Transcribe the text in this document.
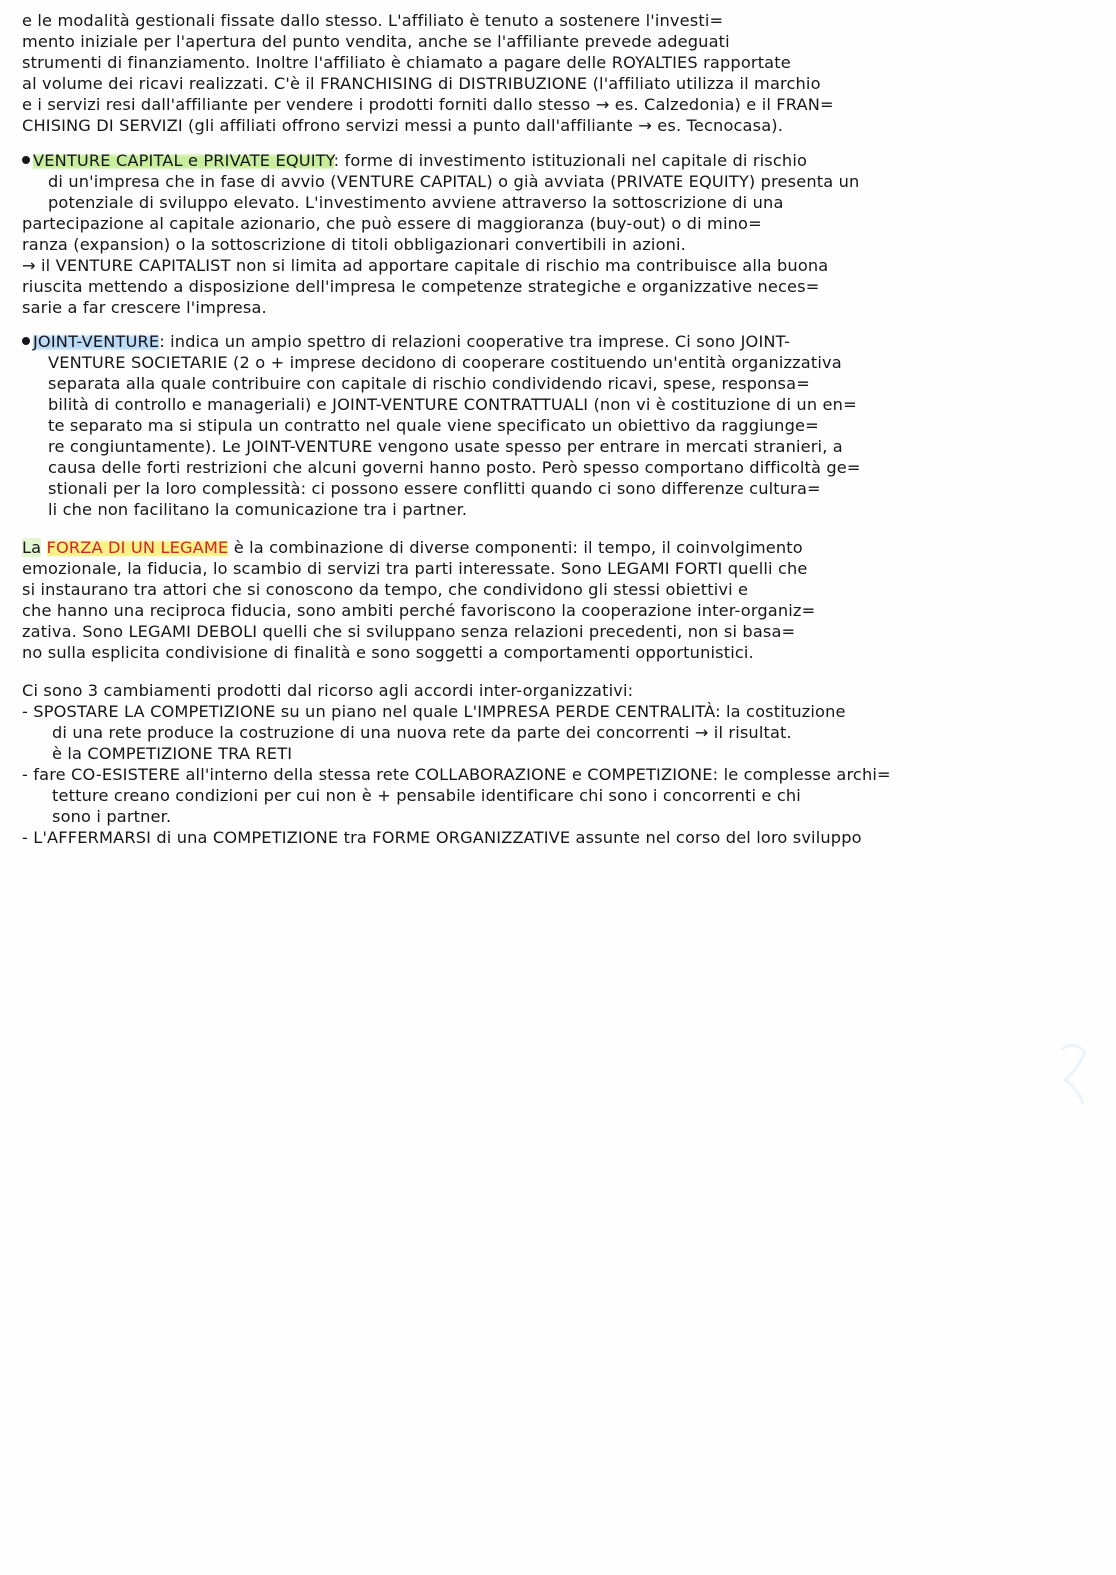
e le modalità gestionali fissate dallo stesso. L'affiliato è tenuto a sostenere l'investi=

mento iniziale per l'apertura del punto vendita, anche se l'affiliante prevede adeguati

strumenti di finanziamento. Inoltre l'affiliato è chiamato a pagare delle ROYALTIES rapportate

al volume dei ricavi realizzati. C'è il FRANCHISING di DISTRIBUZIONE (l'affiliato utilizza il marchio

e i servizi resi dall'affiliante per vendere i prodotti forniti dallo stesso → es. Calzedonia) e il FRAN=

CHISING DI SERVIZI (gli affiliati offrono servizi messi a punto dall'affiliante → es. Tecnocasa).

VENTURE CAPITAL e PRIVATE EQUITY: forme di investimento istituzionali nel capitale di rischio

di un'impresa che in fase di avvio (VENTURE CAPITAL) o già avviata (PRIVATE EQUITY) presenta un

potenziale di sviluppo elevato. L'investimento avviene attraverso la sottoscrizione di una

partecipazione al capitale azionario, che può essere di maggioranza (buy-out) o di mino=

ranza (expansion) o la sottoscrizione di titoli obbligazionari convertibili in azioni.

→ il VENTURE CAPITALIST non si limita ad apportare capitale di rischio ma contribuisce alla buona

riuscita mettendo a disposizione dell'impresa le competenze strategiche e organizzative neces=

sarie a far crescere l'impresa.

JOINT-VENTURE: indica un ampio spettro di relazioni cooperative tra imprese. Ci sono JOINT-

VENTURE SOCIETARIE (2 o + imprese decidono di cooperare costituendo un'entità organizzativa

separata alla quale contribuire con capitale di rischio condividendo ricavi, spese, responsa=

bilità di controllo e manageriali) e JOINT-VENTURE CONTRATTUALI (non vi è costituzione di un en=

te separato ma si stipula un contratto nel quale viene specificato un obiettivo da raggiunge=

re congiuntamente). Le JOINT-VENTURE vengono usate spesso per entrare in mercati stranieri, a

causa delle forti restrizioni che alcuni governi hanno posto. Però spesso comportano difficoltà ge=

stionali per la loro complessità: ci possono essere conflitti quando ci sono differenze cultura=

li che non facilitano la comunicazione tra i partner.

La FORZA DI UN LEGAME è la combinazione di diverse componenti: il tempo, il coinvolgimento

emozionale, la fiducia, lo scambio di servizi tra parti interessate. Sono LEGAMI FORTI quelli che

si instaurano tra attori che si conoscono da tempo, che condividono gli stessi obiettivi e

che hanno una reciproca fiducia, sono ambiti perché favoriscono la cooperazione inter-organiz=

zativa. Sono LEGAMI DEBOLI quelli che si sviluppano senza relazioni precedenti, non si basa=

no sulla esplicita condivisione di finalità e sono soggetti a comportamenti opportunistici.

Ci sono 3 cambiamenti prodotti dal ricorso agli accordi inter-organizzativi:

- SPOSTARE LA COMPETIZIONE su un piano nel quale L'IMPRESA PERDE CENTRALITÀ: la costituzione

di una rete produce la costruzione di una nuova rete da parte dei concorrenti → il risultat.

è la COMPETIZIONE TRA RETI

- fare CO-ESISTERE all'interno della stessa rete COLLABORAZIONE e COMPETIZIONE: le complesse archi=

tetture creano condizioni per cui non è + pensabile identificare chi sono i concorrenti e chi

sono i partner.

- L'AFFERMARSI di una COMPETIZIONE tra FORME ORGANIZZATIVE assunte nel corso del loro sviluppo
